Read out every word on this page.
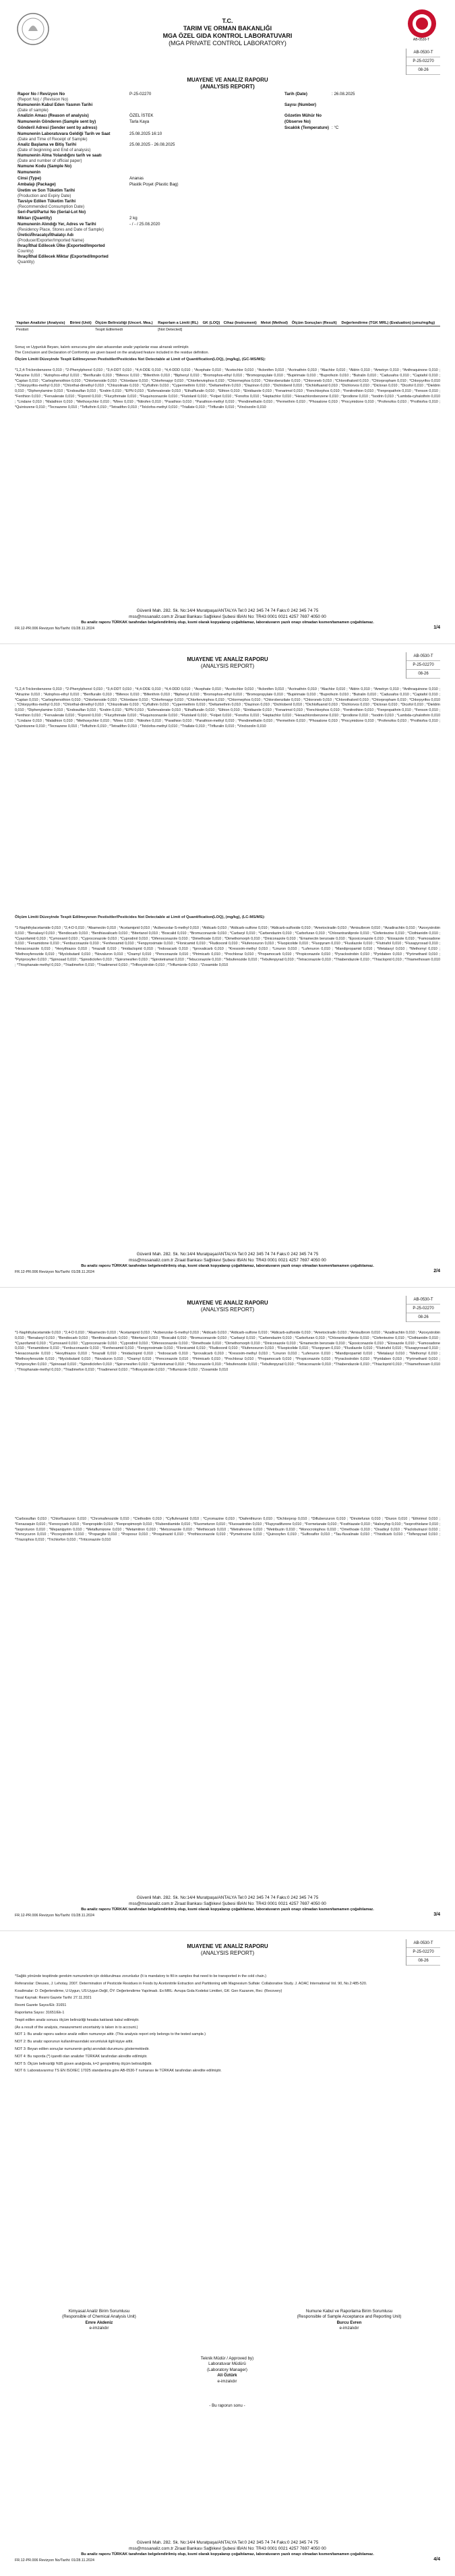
T.C.
TARIM VE ORMAN BAKANLIĞI
MGA ÖZEL GIDA KONTROL LABORATUVARI
(MGA PRIVATE CONTROL LABORATORY)	AB-0530-T
AB-0530-T
P-25-02270
08-26
MUAYENE VE ANALİZ RAPORU
(ANALYSIS REPORT)
Rapor No / Revizyon No
(Report No) / (Revision No)
P-25-02270	Tarih (Date)	: 26.08.2025
Numunenin Kabul Eden Yasının Tarihi
(Date of sample)
Sayısı (Number)
Analizin Amacı (Reason of analysis)	ÖZEL İSTEK	Gözetim Mühür No
Numunenin Gönderen (Sample sent by)	Tarla Kaya	(Observe No)
Gönderil Adresi (Sender sent by adress)	Sıcaklık (Temperature) : °C
Numunenin Laboratuvara Geldiği Tarih ve Saat
(Date and Time of Receipt of Sample)
25.08.2025 16:10
Analiz Başlama ve Bitiş Tarihi
(Date of beginning and End of analysis)
25.08.2025 - 26.08.2025
Numunenin Alma Yolandığını tarih ve saatı
(Date and number of official paper)
Numune Kodu (Sample No)
Numunenin
Cinsi (Type)	Ananas
Ambalajı (Package)	Plastik Poşet (Plastic Bag)
Üretim ve Son Tüketim Tarihi
(Production and Expiry Date)
Tavsiye Edilen Tüketim Tarihi
(Recommended Consumption Date)
Seri-Parti/Partui No (Serial-Lot No)
Miktarı (Quantity)	2 kg
Numunenin Alındığı Yer, Adres ve Tarihi
(Residency Place, Stores and Date of Sample)
- / - / 25.08.2020
Üretici/İhracatçı/İthalatçı Adı
(Producer/Exporter/Imported Name)
İhraç/İthal Edilecek Ülke (Exported/Imported
Country)
İhraç/İthal Edilecek Miktar (Exported/Imported
Quantity)
Yapılan Analizler (Analysis)	Birimi (Unit)	Ölçüm Belirsizliği (Uncert. Mea.)	Raporlam a Limiti (RL)	GK (LOQ)	Cihaz (Instrument)	Metot (Method)	Ölçüm Sonuçları (Result)	Değerlendirme (TGK MRL) (Evaluation) (umu/mg/kg)
Pestisit		Tespit Edilemedi	[Not Detected]					
Sonuç ve Uygunluk Beyanı, kalıntı sonucuna göre alan arkasından analiz yapılanlar esas alınarak verilmiştir.
The Conclusion and Declaration of Conformity are given based on the analysed feature included in the residue definition.
Ölçüm Limiti Düzeyinde Tespit Edilmeyenen Pestisitler/Pesticides Not Detectable at Limit of Quantification(LOQ), (mg/kg), (GC-MS/MS):
*1,2,4-Triclorobenzene 0,010 ; *2-Phenylphenol 0,010 ; *3,4-DDT 0,010 ; *4,4-DDE 0,010 ; *4,4-DDD 0,010 ; *Acephate 0,010 ; *Acetochlor 0,010 ; *Aclonifen 0,010 ; *Acrinathrin 0,010 ; *Alachlor 0,010 ; *Aldrin 0,010 ; *Ametryn 0,010 ; *Anthraquinone 0,010 ; *Atrazine 0,010 ; *Azinphos-ethyl 0,010 ; *Benfluralin 0,010 ; *Bifenox 0,010 ; *Bifenthrin 0,010 ; *Biphenyl 0,010 ; *Bromophos-ethyl 0,010 ; *Bromopropylate 0,010 ; *Bupirimate 0,010 ; *Buprofezin 0,010 ; *Butralin 0,010 ; *Cadusafos 0,010 ; *Captafol 0,010 ; *Captan 0,010 ; *Carbophenothion 0,010 ; *Chlorbenside 0,010 ; *Chlordane 0,010 ; *Chlorfenapyr 0,010 ; *Chlorfenvinphos 0,010 ; *Chlormephos 0,010 ; *Chlorobenzilate 0,010 ; *Chloroneb 0,010 ; *Chlorothalonil 0,010 ; *Chlorpropham 0,010 ; *Chlorpyrifos 0,010 ; *Chlorpyrifos-methyl 0,010 ; *Chlorthal-dimethyl 0,010 ; *Chlozolinate 0,010 ; *Cyfluthrin 0,010 ; *Cypermethrin 0,010 ; *Deltamethrin 0,010 ; *Diazinon 0,010 ; *Dichlobenil 0,010 ; *Dichlofluanid 0,010 ; *Dichlorvos 0,010 ; *Dicloran 0,010 ; *Dicofol 0,010 ; *Dieldrin 0,010 ; *Diphenylamine 0,010 ; *Endosulfan 0,010 ; *Endrin 0,010 ; *EPN 0,010 ; *Esfenvalerate 0,010 ; *Ethalfluralin 0,010 ; *Ethion 0,010 ; *Etridiazole 0,010 ; *Fenarimol 0,010 ; *Fenchlorphos 0,010 ; *Fenitrothion 0,010 ; *Fenpropathrin 0,010 ; *Fenson 0,010 ; *Fenthion 0,010 ; *Fenvalerate 0,010 ; *Fipronil 0,010 ; *Flucythrinate 0,010 ; *Fluquinconazole 0,010 ; *Flutolanil 0,010 ; *Folpet 0,010 ; *Fonofos 0,010 ; *Heptachlor 0,010 ; *Hexachlorobenzene 0,010 ; *Iprodione 0,010 ; *Isodrin 0,010 ; *Lambda-cyhalothrin 0,010 ; *Lindane 0,010 ; *Malathion 0,010 ; *Methoxychlor 0,010 ; *Mirex 0,010 ; *Nitrofen 0,010 ; *Parathion 0,010 ; *Parathion-methyl 0,010 ; *Pendimethalin 0,010 ; *Permethrin 0,010 ; *Phosalone 0,010 ; *Procymidone 0,010 ; *Profenofos 0,010 ; *Prothiofos 0,010 ; *Quintozene 0,010 ; *Tecnazene 0,010 ; *Tefluthrin 0,010 ; *Tetradifon 0,010 ; *Tolclofos-methyl 0,010 ; *Triallate 0,010 ; *Trifluralin 0,010 ; *Vinclozolin 0,010
Güvenli Mah. 282. Sk. No:14/4 Muratpaşa/ANTALYA Tel:0 242 345 74 74 Faks:0 242 345 74 75
mss@mssanaliz.com.tr Ziraat Bankası Sağlıkevi Şubesi IBAN No: TR43 0001 0021 4257 7697 4050 00
Bu analiz raporu TÜRKAK tarafından belgelendirilmiş olup, kısmi olarak kopyalanıp çoğaltılamaz, laboratuvarın yazılı onayı olmadan kısmen/tamamen çoğaltılamaz.
FR.12-PR.006 Revizyon No/Tarihi: 01/28.11.2024	1/4
MUAYENE VE ANALİZ RAPORU
(ANALYSIS REPORT)
AB-0530-T
P-25-02270
08-26
*1,2,4-Triclorobenzene 0,010 ; *2-Phenylphenol 0,010 ; *3,4-DDT 0,010 ; *4,4-DDE 0,010 ; *4,4-DDD 0,010 ; *Acephate 0,010 ; *Acetochlor 0,010 ; *Aclonifen 0,010 ; *Acrinathrin 0,010 ; *Alachlor 0,010 ; *Aldrin 0,010 ; *Ametryn 0,010 ; *Anthraquinone 0,010 ; *Atrazine 0,010 ; *Azinphos-ethyl 0,010 ; *Benfluralin 0,010 ; *Bifenox 0,010 ; *Bifenthrin 0,010 ; *Biphenyl 0,010 ; *Bromophos-ethyl 0,010 ; *Bromopropylate 0,010 ; *Bupirimate 0,010 ; *Buprofezin 0,010 ; *Butralin 0,010 ; *Cadusafos 0,010 ; *Captafol 0,010 ; *Captan 0,010 ; *Carbophenothion 0,010 ; *Chlorbenside 0,010 ; *Chlordane 0,010 ; *Chlorfenapyr 0,010 ; *Chlorfenvinphos 0,010 ; *Chlormephos 0,010 ; *Chlorobenzilate 0,010 ; *Chloroneb 0,010 ; *Chlorothalonil 0,010 ; *Chlorpropham 0,010 ; *Chlorpyrifos 0,010 ; *Chlorpyrifos-methyl 0,010 ; *Chlorthal-dimethyl 0,010 ; *Chlozolinate 0,010 ; *Cyfluthrin 0,010 ; *Cypermethrin 0,010 ; *Deltamethrin 0,010 ; *Diazinon 0,010 ; *Dichlobenil 0,010 ; *Dichlofluanid 0,010 ; *Dichlorvos 0,010 ; *Dicloran 0,010 ; *Dicofol 0,010 ; *Dieldrin 0,010 ; *Diphenylamine 0,010 ; *Endosulfan 0,010 ; *Endrin 0,010 ; *EPN 0,010 ; *Esfenvalerate 0,010 ; *Ethalfluralin 0,010 ; *Ethion 0,010 ; *Etridiazole 0,010 ; *Fenarimol 0,010 ; *Fenchlorphos 0,010 ; *Fenitrothion 0,010 ; *Fenpropathrin 0,010 ; *Fenson 0,010 ; *Fenthion 0,010 ; *Fenvalerate 0,010 ; *Fipronil 0,010 ; *Flucythrinate 0,010 ; *Fluquinconazole 0,010 ; *Flutolanil 0,010 ; *Folpet 0,010 ; *Fonofos 0,010 ; *Heptachlor 0,010 ; *Hexachlorobenzene 0,010 ; *Iprodione 0,010 ; *Isodrin 0,010 ; *Lambda-cyhalothrin 0,010 ; *Lindane 0,010 ; *Malathion 0,010 ; *Methoxychlor 0,010 ; *Mirex 0,010 ; *Nitrofen 0,010 ; *Parathion 0,010 ; *Parathion-methyl 0,010 ; *Pendimethalin 0,010 ; *Permethrin 0,010 ; *Phosalone 0,010 ; *Procymidone 0,010 ; *Profenofos 0,010 ; *Prothiofos 0,010 ; *Quintozene 0,010 ; *Tecnazene 0,010 ; *Tefluthrin 0,010 ; *Tetradifon 0,010 ; *Tolclofos-methyl 0,010 ; *Triallate 0,010 ; *Trifluralin 0,010 ; *Vinclozolin 0,010
Ölçüm Limiti Düzeyinde Tespit Edilmeyenen Pestisitler/Pesticides Not Detectable at Limit of Quantification(LOQ), (mg/kg), (LC-MS/MS):
*1-Naphthylacetamide 0,010 ; *2,4-D 0,010 ; *Abamectin 0,010 ; *Acetamiprid 0,010 ; *Acibenzolar-S-methyl 0,010 ; *Aldicarb 0,010 ; *Aldicarb-sulfone 0,010 ; *Aldicarb-sulfoxide 0,010 ; *Ametoctradin 0,010 ; *Amisulbrom 0,010 ; *Azadirachtin 0,010 ; *Azoxystrobin 0,010 ; *Benalaxyl 0,010 ; *Bendiocarb 0,010 ; *Benthiavalicarb 0,010 ; *Bitertanol 0,010 ; *Boscalid 0,010 ; *Bromuconazole 0,010 ; *Carbaryl 0,010 ; *Carbendazim 0,010 ; *Carbofuran 0,010 ; *Chlorantraniliprole 0,010 ; *Clofentezine 0,010 ; *Clothianidin 0,010 ; *Cyazofamid 0,010 ; *Cymoxanil 0,010 ; *Cyproconazole 0,010 ; *Cyprodinil 0,010 ; *Difenoconazole 0,010 ; *Dimethoate 0,010 ; *Dimethomorph 0,010 ; *Diniconazole 0,010 ; *Emamectin benzoate 0,010 ; *Epoxiconazole 0,010 ; *Etoxazole 0,010 ; *Famoxadone 0,010 ; *Fenamidone 0,010 ; *Fenbuconazole 0,010 ; *Fenhexamid 0,010 ; *Fenpyroximate 0,010 ; *Flonicamid 0,010 ; *Fludioxonil 0,010 ; *Flufenoxuron 0,010 ; *Fluopicolide 0,010 ; *Fluopyram 0,010 ; *Flusilazole 0,010 ; *Flutriafol 0,010 ; *Fluxapyroxad 0,010 ; *Hexaconazole 0,010 ; *Hexythiazox 0,010 ; *Imazalil 0,010 ; *Imidacloprid 0,010 ; *Indoxacarb 0,010 ; *Iprovalicarb 0,010 ; *Kresoxim-methyl 0,010 ; *Linuron 0,010 ; *Lufenuron 0,010 ; *Mandipropamid 0,010 ; *Metalaxyl 0,010 ; *Methomyl 0,010 ; *Methoxyfenozide 0,010 ; *Myclobutanil 0,010 ; *Novaluron 0,010 ; *Oxamyl 0,010 ; *Penconazole 0,010 ; *Pirimicarb 0,010 ; *Prochloraz 0,010 ; *Propamocarb 0,010 ; *Propiconazole 0,010 ; *Pyraclostrobin 0,010 ; *Pyridaben 0,010 ; *Pyrimethanil 0,010 ; *Pyriproxyfen 0,010 ; *Spinosad 0,010 ; *Spirodiclofen 0,010 ; *Spiromesifen 0,010 ; *Spirotetramat 0,010 ; *Tebuconazole 0,010 ; *Tebufenozide 0,010 ; *Tebufenpyrad 0,010 ; *Tetraconazole 0,010 ; *Thiabendazole 0,010 ; *Thiacloprid 0,010 ; *Thiamethoxam 0,010 ; *Thiophanate-methyl 0,010 ; *Triadimefon 0,010 ; *Triadimenol 0,010 ; *Trifloxystrobin 0,010 ; *Triflumizole 0,010 ; *Zoxamide 0,010
Güvenli Mah. 282. Sk. No:14/4 Muratpaşa/ANTALYA Tel:0 242 345 74 74 Faks:0 242 345 74 75
mss@mssanaliz.com.tr Ziraat Bankası Sağlıkevi Şubesi IBAN No: TR43 0001 0021 4257 7697 4050 00
Bu analiz raporu TÜRKAK tarafından belgelendirilmiş olup, kısmi olarak kopyalanıp çoğaltılamaz, laboratuvarın yazılı onayı olmadan kısmen/tamamen çoğaltılamaz.
FR.12-PR.006 Revizyon No/Tarihi: 01/28.11.2024	2/4
MUAYENE VE ANALİZ RAPORU
(ANALYSIS REPORT)
AB-0530-T
P-25-02270
08-26
*1-Naphthylacetamide 0,010 ; *2,4-D 0,010 ; *Abamectin 0,010 ; *Acetamiprid 0,010 ; *Acibenzolar-S-methyl 0,010 ; *Aldicarb 0,010 ; *Aldicarb-sulfone 0,010 ; *Aldicarb-sulfoxide 0,010 ; *Ametoctradin 0,010 ; *Amisulbrom 0,010 ; *Azadirachtin 0,010 ; *Azoxystrobin 0,010 ; *Benalaxyl 0,010 ; *Bendiocarb 0,010 ; *Benthiavalicarb 0,010 ; *Bitertanol 0,010 ; *Boscalid 0,010 ; *Bromuconazole 0,010 ; *Carbaryl 0,010 ; *Carbendazim 0,010 ; *Carbofuran 0,010 ; *Chlorantraniliprole 0,010 ; *Clofentezine 0,010 ; *Clothianidin 0,010 ; *Cyazofamid 0,010 ; *Cymoxanil 0,010 ; *Cyproconazole 0,010 ; *Cyprodinil 0,010 ; *Difenoconazole 0,010 ; *Dimethoate 0,010 ; *Dimethomorph 0,010 ; *Diniconazole 0,010 ; *Emamectin benzoate 0,010 ; *Epoxiconazole 0,010 ; *Etoxazole 0,010 ; *Famoxadone 0,010 ; *Fenamidone 0,010 ; *Fenbuconazole 0,010 ; *Fenhexamid 0,010 ; *Fenpyroximate 0,010 ; *Flonicamid 0,010 ; *Fludioxonil 0,010 ; *Flufenoxuron 0,010 ; *Fluopicolide 0,010 ; *Fluopyram 0,010 ; *Flusilazole 0,010 ; *Flutriafol 0,010 ; *Fluxapyroxad 0,010 ; *Hexaconazole 0,010 ; *Hexythiazox 0,010 ; *Imazalil 0,010 ; *Imidacloprid 0,010 ; *Indoxacarb 0,010 ; *Iprovalicarb 0,010 ; *Kresoxim-methyl 0,010 ; *Linuron 0,010 ; *Lufenuron 0,010 ; *Mandipropamid 0,010 ; *Metalaxyl 0,010 ; *Methomyl 0,010 ; *Methoxyfenozide 0,010 ; *Myclobutanil 0,010 ; *Novaluron 0,010 ; *Oxamyl 0,010 ; *Penconazole 0,010 ; *Pirimicarb 0,010 ; *Prochloraz 0,010 ; *Propamocarb 0,010 ; *Propiconazole 0,010 ; *Pyraclostrobin 0,010 ; *Pyridaben 0,010 ; *Pyrimethanil 0,010 ; *Pyriproxyfen 0,010 ; *Spinosad 0,010 ; *Spirodiclofen 0,010 ; *Spiromesifen 0,010 ; *Spirotetramat 0,010 ; *Tebuconazole 0,010 ; *Tebufenozide 0,010 ; *Tebufenpyrad 0,010 ; *Tetraconazole 0,010 ; *Thiabendazole 0,010 ; *Thiacloprid 0,010 ; *Thiamethoxam 0,010 ; *Thiophanate-methyl 0,010 ; *Triadimefon 0,010 ; *Triadimenol 0,010 ; *Trifloxystrobin 0,010 ; *Triflumizole 0,010 ; *Zoxamide 0,010
*Carbosulfan 0,010 ; *Chlorfluazuron 0,010 ; *Chromafenozide 0,010 ; *Clethodim 0,010 ; *Cyflufenamid 0,010 ; *Cyromazine 0,010 ; *Diafenthiuron 0,010 ; *Dichlorprop 0,010 ; *Diflubenzuron 0,010 ; *Dinotefuran 0,010 ; *Diuron 0,010 ; *Ethirimol 0,010 ; *Fenazaquin 0,010 ; *Fenoxycarb 0,010 ; *Fenpropidin 0,010 ; *Fenpropimorph 0,010 ; *Flubendiamide 0,010 ; *Fluometuron 0,010 ; *Fluoxastrobin 0,010 ; *Flupyradifurone 0,010 ; *Formetanate 0,010 ; *Fosthiazate 0,010 ; *Haloxyfop 0,010 ; *Isoprothiolane 0,010 ; *Isoproturon 0,010 ; *Mepanipyrim 0,010 ; *Metaflumizone 0,010 ; *Metamitron 0,010 ; *Metconazole 0,010 ; *Methiocarb 0,010 ; *Metrafenone 0,010 ; *Metribuzin 0,010 ; *Monocrotophos 0,010 ; *Omethoate 0,010 ; *Oxadixyl 0,010 ; *Paclobutrazol 0,010 ; *Pencycuron 0,010 ; *Picoxystrobin 0,010 ; *Propargite 0,010 ; *Propoxur 0,010 ; *Proquinazid 0,010 ; *Prothioconazole 0,010 ; *Pymetrozine 0,010 ; *Quinoxyfen 0,010 ; *Sulfoxaflor 0,010 ; *Tau-fluvalinate 0,010 ; *Thiodicarb 0,010 ; *Tolfenpyrad 0,010 ; *Triazophos 0,010 ; *Trichlorfon 0,010 ; *Triticonazole 0,010
Güvenli Mah. 282. Sk. No:14/4 Muratpaşa/ANTALYA Tel:0 242 345 74 74 Faks:0 242 345 74 75
mss@mssanaliz.com.tr Ziraat Bankası Sağlıkevi Şubesi IBAN No: TR43 0001 0021 4257 7697 4050 00
Bu analiz raporu TÜRKAK tarafından belgelendirilmiş olup, kısmi olarak kopyalanıp çoğaltılamaz, laboratuvarın yazılı onayı olmadan kısmen/tamamen çoğaltılamaz.
FR.12-PR.006 Revizyon No/Tarihi: 01/28.11.2024	3/4
MUAYENE VE ANALİZ RAPORU
(ANALYSIS REPORT)
AB-0530-T
P-25-02270
08-26
*Sağlık yönünde tespitinde gerekim numunelerin için doldurulması zorunludur (It is mandatory to fill in samples that need to be transported in the cold chain.)
Referanslar: Dieuses, J. Lehotay, 2007. Determination of Pesticide Residues in Foods by Acetonitrile Extraction and Partitioning with Magnesium Sulfate: Collaborative Study. J. AOAC International Vol. 90, No.2:485-520.
Kısaltmalar: D: Değerlendirme, U:Uygun, US:Uygun Değil, ÖY: Değerlendirme Yapılmadı. Ex:MRL: Avrupa Gıda Kodeksi Limitleri, GK: Gerı Kazanım, Rec: (Recovery)
Yasal Kaynak: Resmi Gazete Tarihi: 27.11.2021
Resmi Gazete Sayısı/Ek: 31651
Raporlama Sayısı: 31651/Ek-1
Tespit edilen analiz sonucu ölçüm belirsizliği hesaba katılarak kabul edilmiştir.
(As a result of the analysis, measurement uncertainty is taken in to account.)
NOT 1: Bu analiz raporu sadece analiz edilen numuneye aittir. (This analysis report only belongs to the tested sample.)
NOT 2: Bu analiz raporunun kullanılmasındaki sorumluluk ilgili kişiye aittir.
NOT 3: Beyan edilen sonuçlar numunenin gelişi anındaki durumunu göstermektedir.
NOT 4: Bu raporda (*) işaretli olan analizler TÜRKAK tarafından akredite edilmiştir.
NOT 5: Ölçüm belirsizliği %95 güven aralığında, k=2 genişletilmiş ölçüm belirsizliğidir.
NOT 6: Laboratuvarımız TS EN ISO/IEC 17025 standardına göre AB-0530-T numarası ile TÜRKAK tarafından akredite edilmiştir.
Kimyasal Analiz Birim Sorumlusu
(Responsible of Chemical Analysis Unit)
Emre Akdeniz
e-imzalıdır
Numune Kabul ve Raporlama Birim Sorumlusu
(Responsible of Sample Acceptance and Reporting Unit)
Burcu Evren
e-imzalıdır
Teknik Müdür / Approved by)
Laboratuvar Müdürü
(Laboratory Manager)
Ali Öztürk
e-imzalıdır
- Bu raporun sonu -
Güvenli Mah. 282. Sk. No:14/4 Muratpaşa/ANTALYA Tel:0 242 345 74 74 Faks:0 242 345 74 75
mss@mssanaliz.com.tr Ziraat Bankası Sağlıkevi Şubesi IBAN No: TR43 0001 0021 4257 7697 4050 00
Bu analiz raporu TÜRKAK tarafından belgelendirilmiş olup, kısmi olarak kopyalanıp çoğaltılamaz, laboratuvarın yazılı onayı olmadan kısmen/tamamen çoğaltılamaz.
FR.12-PR.006 Revizyon No/Tarihi: 01/28.11.2024	4/4
